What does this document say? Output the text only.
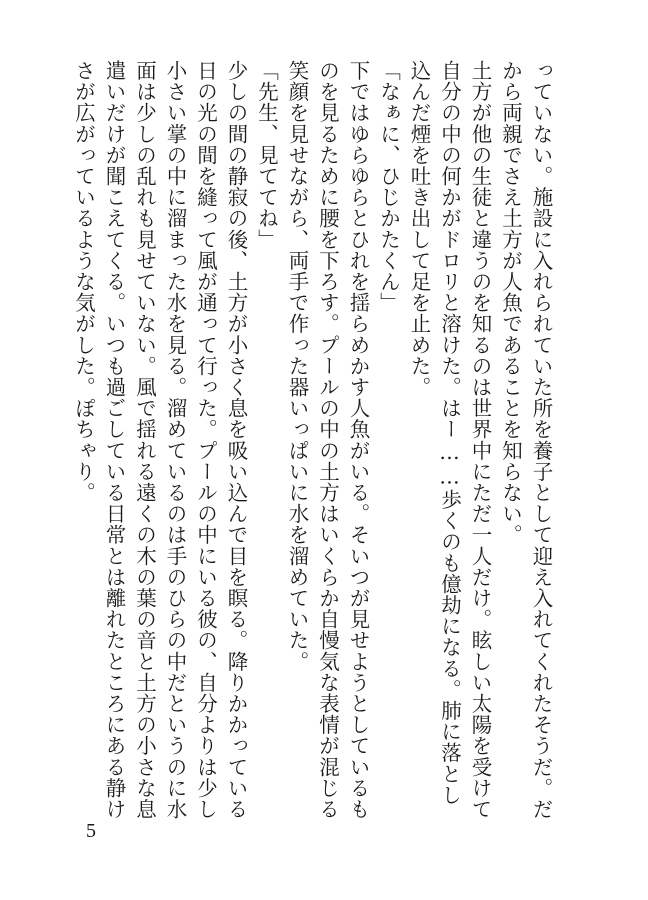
っていない。施設に入れられていた所を養子として迎え入れてくれたそうだ。だから両親でさえ土方が人魚であることを知らない。

土方が他の生徒と違うのを知るのは世界中にただ一人だけ。眩しい太陽を受けて自分の中の何かがドロリと溶けた。はー……歩くのも億劫になる。肺に落とし込んだ煙を吐き出して足を止めた。

「なぁに、ひじかたくん」

下ではゆらゆらとひれを揺らめかす人魚がいる。そいつが見せようとしているものを見るために腰を下ろす。プールの中の土方はいくらか自慢気な表情が混じる笑顔を見せながら、両手で作った器いっぱいに水を溜めていた。

「先生、見ててね」

少しの間の静寂の後、土方が小さく息を吸い込んで目を瞑る。降りかかっている日の光の間を縫って風が通って行った。プールの中にいる彼の、自分よりは少し小さい掌の中に溜まった水を見る。溜めているのは手のひらの中だというのに水面は少しの乱れも見せていない。風で揺れる遠くの木の葉の音と土方の小さな息遣いだけが聞こえてくる。いつも過ごしている日常とは離れたところにある静けさが広がっているような気がした。ぽちゃり。

5
